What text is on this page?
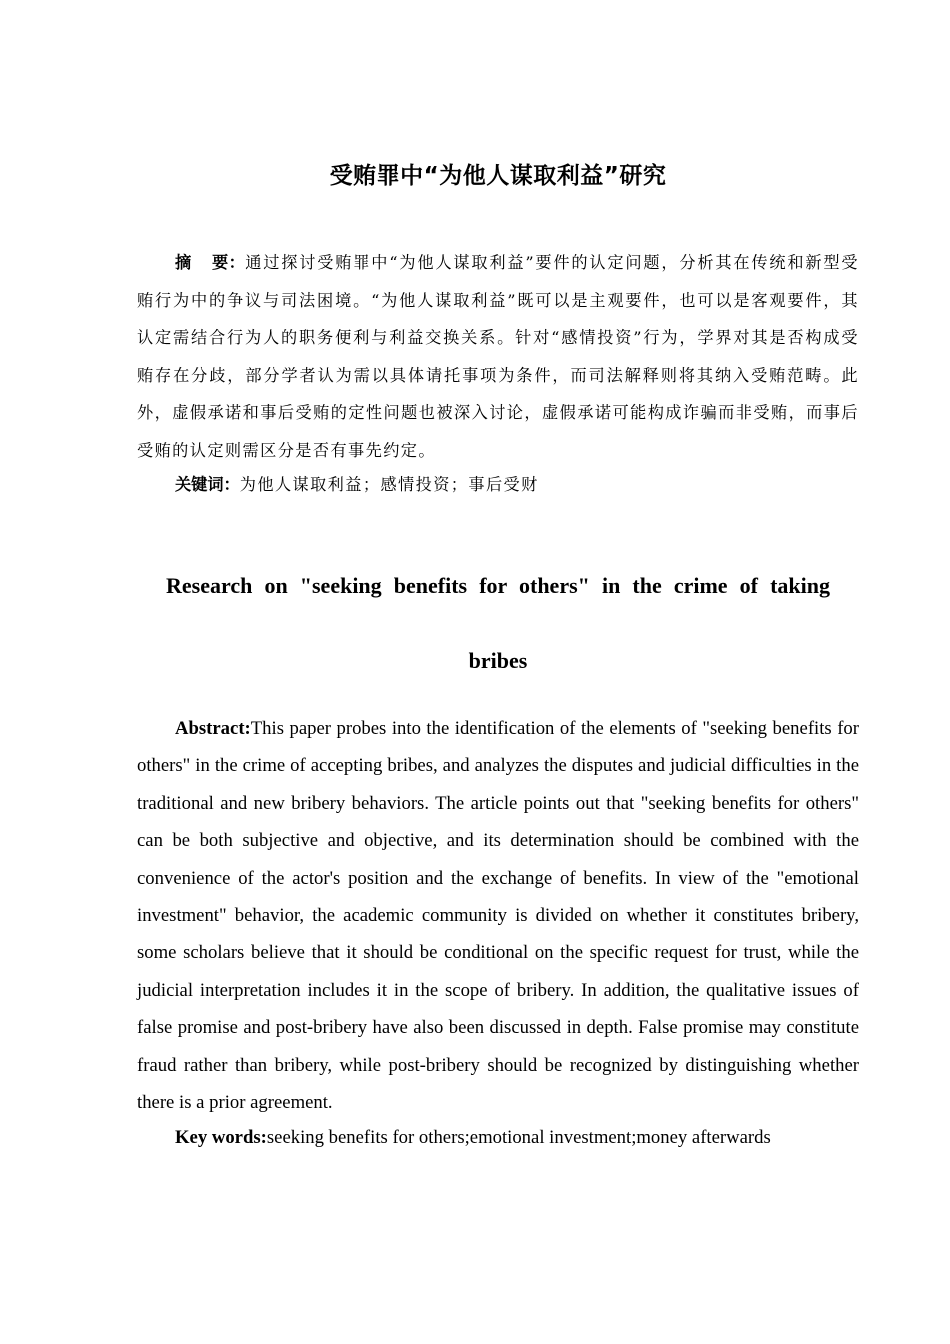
受贿罪中“为他人谋取利益”研究

摘 要：通过探讨受贿罪中“为他人谋取利益”要件的认定问题，分析其在传统和新型受贿行为中的争议与司法困境。“为他人谋取利益”既可以是主观要件，也可以是客观要件，其认定需结合行为人的职务便利与利益交换关系。针对“感情投资”行为，学界对其是否构成受贿存在分歧，部分学者认为需以具体请托事项为条件，而司法解释则将其纳入受贿范畴。此外，虚假承诺和事后受贿的定性问题也被深入讨论，虚假承诺可能构成诈骗而非受贿，而事后受贿的认定则需区分是否有事先约定。

关键词：为他人谋取利益；感情投资；事后受财

Research on "seeking benefits for others" in the crime of taking bribes

Abstract:This paper probes into the identification of the elements of "seeking benefits for others" in the crime of accepting bribes, and analyzes the disputes and judicial difficulties in the traditional and new bribery behaviors. The article points out that "seeking benefits for others" can be both subjective and objective, and its determination should be combined with the convenience of the actor's position and the exchange of benefits. In view of the "emotional investment" behavior, the academic community is divided on whether it constitutes bribery, some scholars believe that it should be conditional on the specific request for trust, while the judicial interpretation includes it in the scope of bribery. In addition, the qualitative issues of false promise and post-bribery have also been discussed in depth. False promise may constitute fraud rather than bribery, while post-bribery should be recognized by distinguishing whether there is a prior agreement.

Key words:seeking benefits for others;emotional investment;money afterwards
